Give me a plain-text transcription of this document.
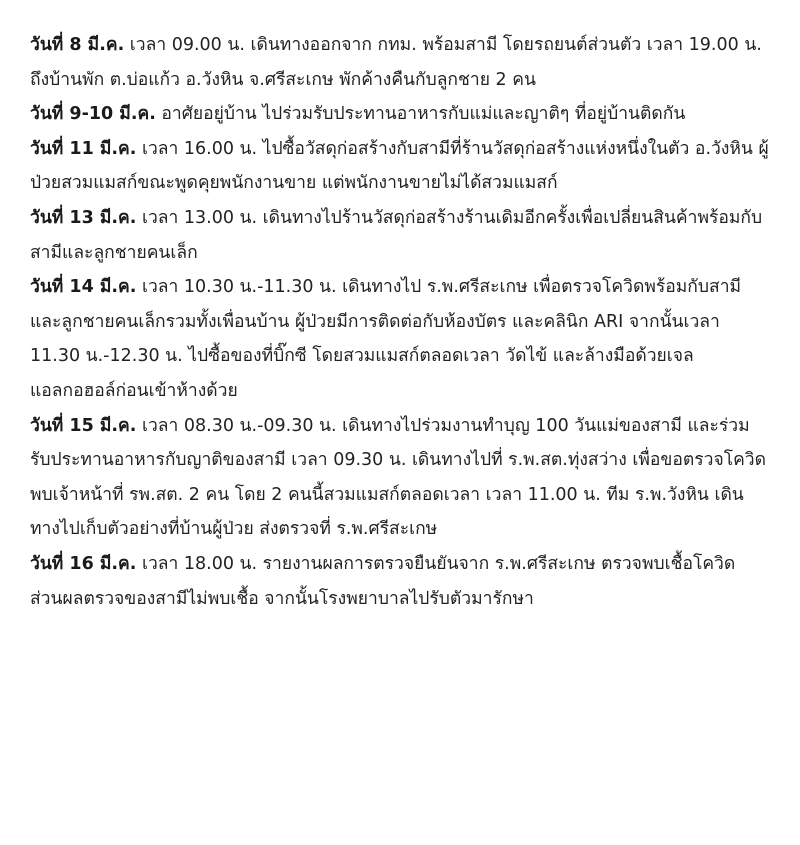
วันที่ 8 มี.ค. เวลา 09.00 น. เดินทางออกจาก กทม. พร้อมสามี โดยรถยนต์ส่วนตัว เวลา 19.00 น. ถึงบ้านพัก ต.บ่อแก้ว อ.วังหิน จ.ศรีสะเกษ พักค้างคืนกับลูกชาย 2 คน

วันที่ 9-10 มี.ค. อาศัยอยู่บ้าน ไปร่วมรับประทานอาหารกับแม่และญาติๆ ที่อยู่บ้านติดกัน

วันที่ 11 มี.ค. เวลา 16.00 น. ไปซื้อวัสดุก่อสร้างกับสามีที่ร้านวัสดุก่อสร้างแห่งหนึ่งในตัว อ.วังหิน ผู้ป่วยสวมแมสก์ขณะพูดคุยพนักงานขาย แต่พนักงานขายไม่ได้สวมแมสก์

วันที่ 13 มี.ค. เวลา 13.00 น. เดินทางไปร้านวัสดุก่อสร้างร้านเดิมอีกครั้งเพื่อเปลี่ยนสินค้าพร้อมกับสามีและลูกชายคนเล็ก

วันที่ 14 มี.ค. เวลา 10.30 น.-11.30 น. เดินทางไป ร.พ.ศรีสะเกษ เพื่อตรวจโควิดพร้อมกับสามี และลูกชายคนเล็กรวมทั้งเพื่อนบ้าน ผู้ป่วยมีการติดต่อกับห้องบัตร และคลินิก ARI จากนั้นเวลา 11.30 น.-12.30 น. ไปซื้อของที่บิ๊กซี โดยสวมแมสก์ตลอดเวลา วัดไข้ และล้างมือด้วยเจลแอลกอฮอล์ก่อนเข้าห้างด้วย

วันที่ 15 มี.ค. เวลา 08.30 น.-09.30 น. เดินทางไปร่วมงานทำบุญ 100 วันแม่ของสามี และร่วมรับประทานอาหารกับญาติของสามี เวลา 09.30 น. เดินทางไปที่ ร.พ.สต.ทุ่งสว่าง เพื่อขอตรวจโควิด พบเจ้าหน้าที่ รพ.สต. 2 คน โดย 2 คนนี้สวมแมสก์ตลอดเวลา เวลา 11.00 น. ทีม ร.พ.วังหิน เดินทางไปเก็บตัวอย่างที่บ้านผู้ป่วย ส่งตรวจที่ ร.พ.ศรีสะเกษ

วันที่ 16 มี.ค. เวลา 18.00 น. รายงานผลการตรวจยืนยันจาก ร.พ.ศรีสะเกษ ตรวจพบเชื้อโควิด ส่วนผลตรวจของสามีไม่พบเชื้อ จากนั้นโรงพยาบาลไปรับตัวมารักษา
